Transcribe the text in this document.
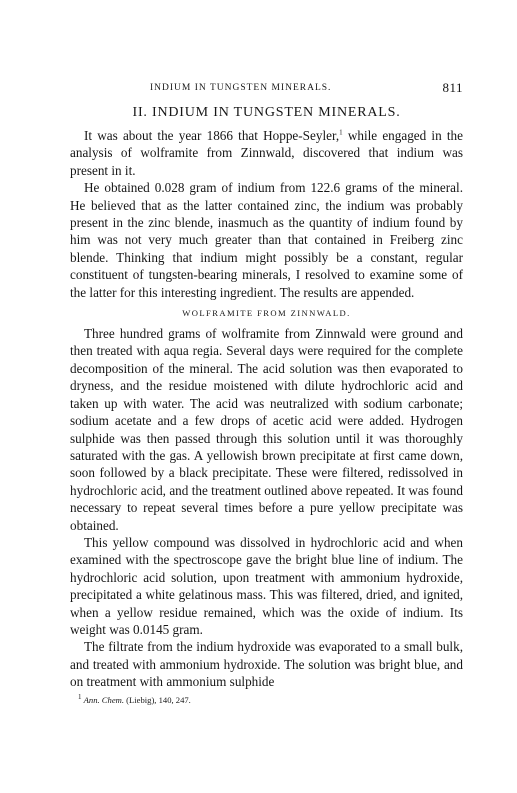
INDIUM IN TUNGSTEN MINERALS.	811
II. INDIUM IN TUNGSTEN MINERALS.

It was about the year 1866 that Hoppe-Seyler,$^1$ while engaged in the analysis of wolframite from Zinnwald, discovered that indium was present in it.

He obtained 0.028 gram of indium from 122.6 grams of the mineral. He believed that as the latter contained zinc, the indium was probably present in the zinc blende, inasmuch as the quantity of indium found by him was not very much greater than that contained in Freiberg zinc blende. Thinking that indium might possibly be a constant, regular constituent of tungsten-bearing minerals, I resolved to examine some of the latter for this interesting ingredient. The results are appended.

WOLFRAMITE FROM ZINNWALD.

Three hundred grams of wolframite from Zinnwald were ground and then treated with aqua regia. Several days were required for the complete decomposition of the mineral. The acid solution was then evaporated to dryness, and the residue moistened with dilute hydrochloric acid and taken up with water. The acid was neutralized with sodium carbonate; sodium acetate and a few drops of acetic acid were added. Hydrogen sulphide was then passed through this solution until it was thoroughly saturated with the gas. A yellowish brown precipitate at first came down, soon followed by a black precipitate. These were filtered, redissolved in hydrochloric acid, and the treatment outlined above repeated. It was found necessary to repeat several times before a pure yellow precipitate was obtained.

This yellow compound was dissolved in hydrochloric acid and when examined with the spectroscope gave the bright blue line of indium. The hydrochloric acid solution, upon treatment with ammonium hydroxide, precipitated a white gelatinous mass. This was filtered, dried, and ignited, when a yellow residue remained, which was the oxide of indium. Its weight was 0.0145 gram.

The filtrate from the indium hydroxide was evaporated to a small bulk, and treated with ammonium hydroxide. The solution was bright blue, and on treatment with ammonium sulphide

$^1$ Ann. Chem. (Liebig), 140, 247.
